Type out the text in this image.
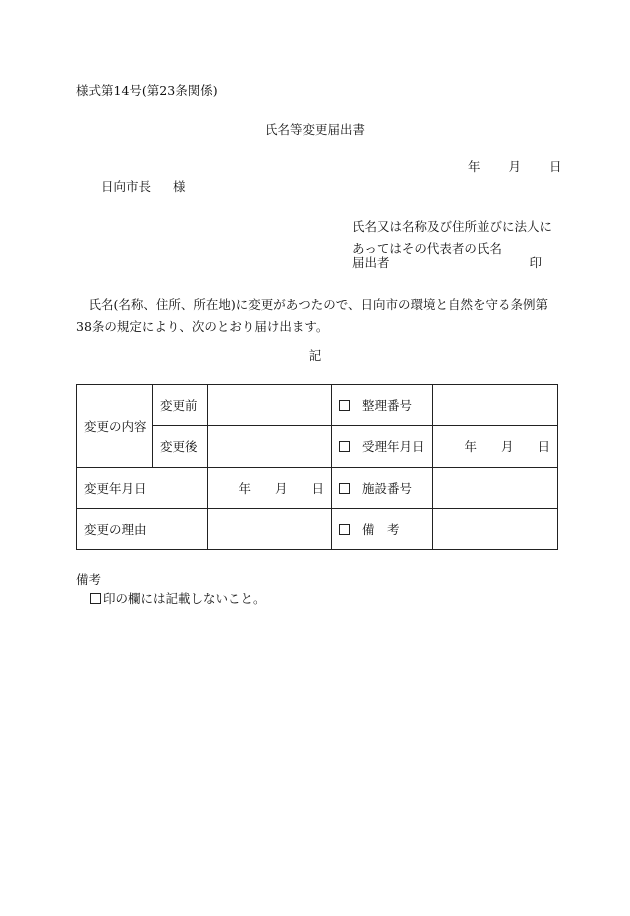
様式第14号(第23条関係)
氏名等変更届出書
年 月 日
日向市長 様
氏名又は名称及び住所並びに法人にあってはその代表者の氏名
届出者	印
氏名(名称、住所、所在地)に変更があつたので、日向市の環境と自然を守る条例第38条の規定により、次のとおり届け出ます。
記
変更の内容	変更前		整理番号	
	変更後		受理年月日	年 月 日
変更年月日		年 月 日	施設番号	
変更の理由			備　考	
備考
印の欄には記載しないこと。
